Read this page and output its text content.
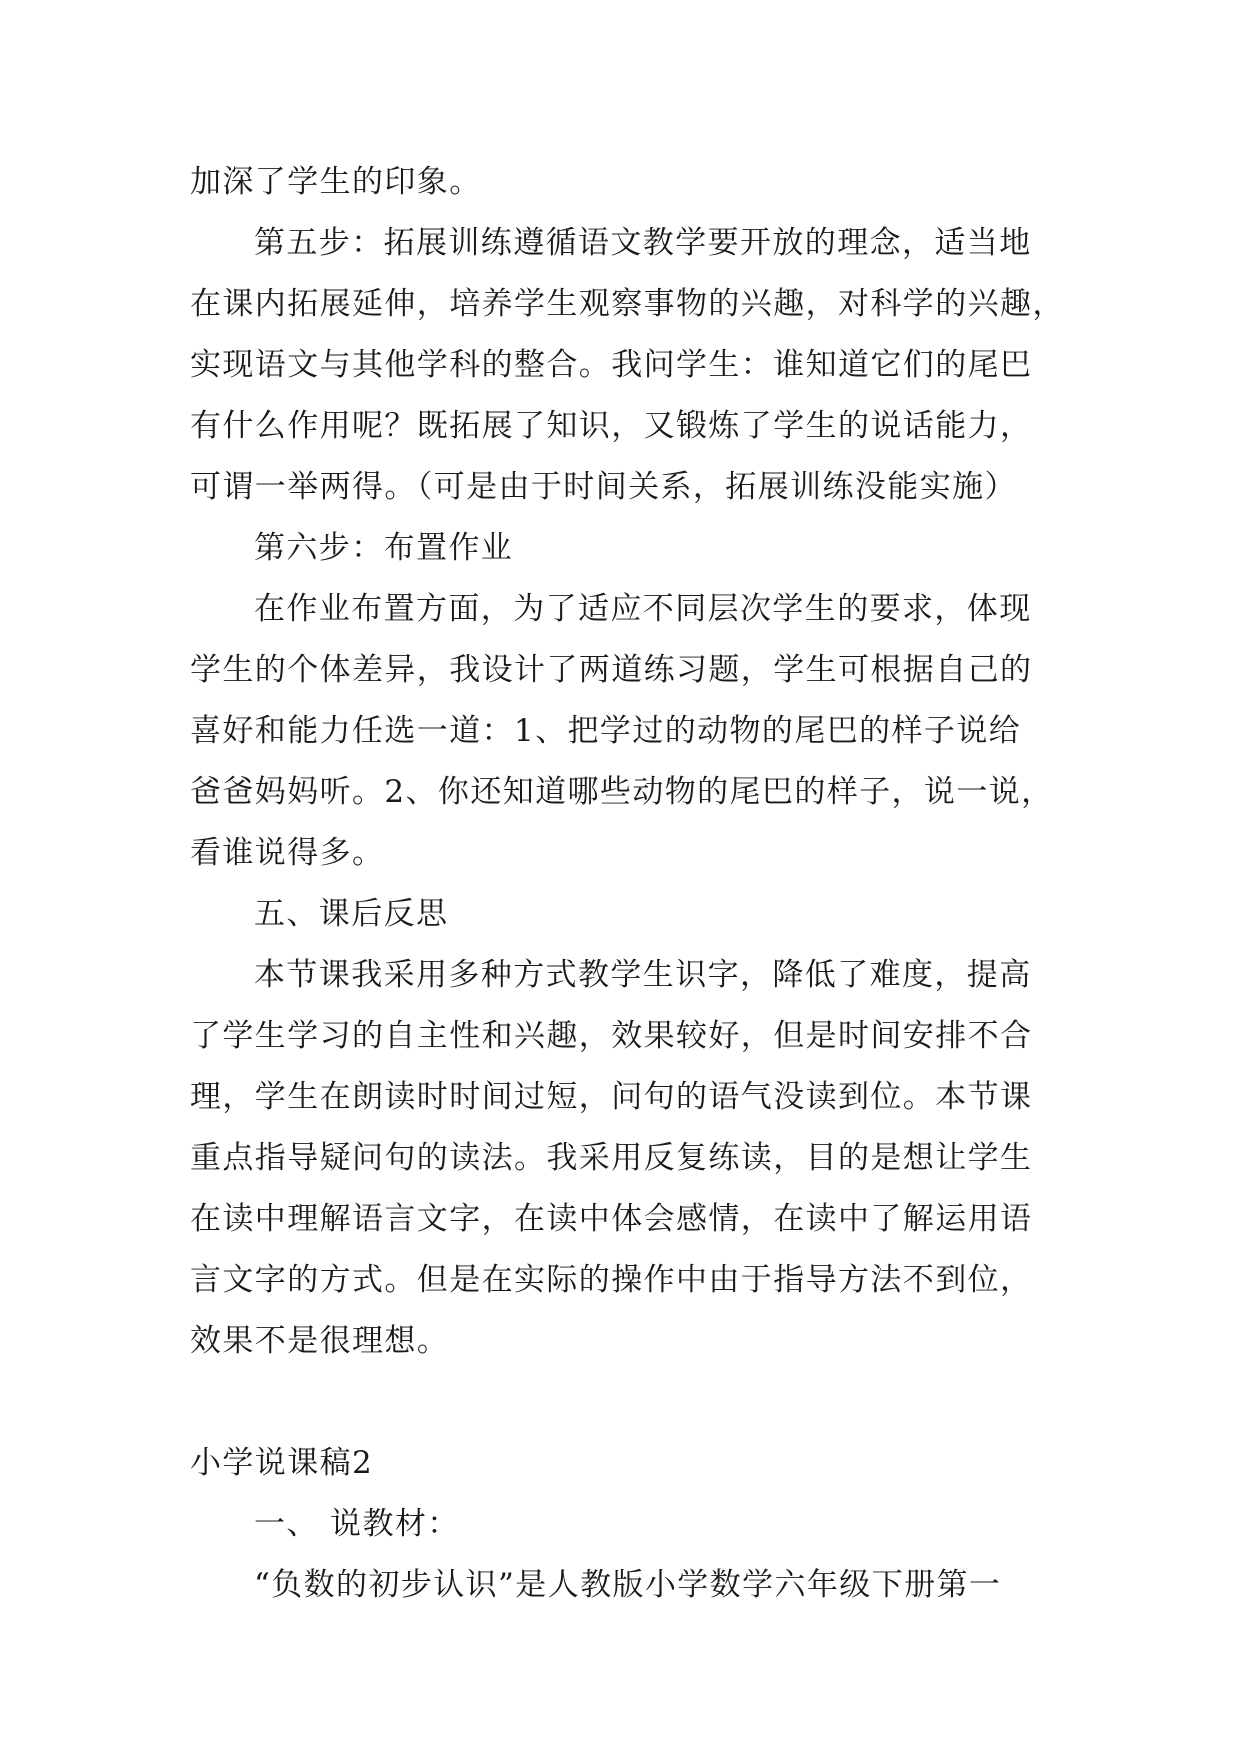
加深了学生的印象。
第五步：拓展训练遵循语文教学要开放的理念，适当地
在课内拓展延伸，培养学生观察事物的兴趣，对科学的兴趣，
实现语文与其他学科的整合。我问学生：谁知道它们的尾巴
有什么作用呢？既拓展了知识，又锻炼了学生的说话能力，
可谓一举两得。（可是由于时间关系，拓展训练没能实施）
第六步：布置作业
在作业布置方面，为了适应不同层次学生的要求，体现
学生的个体差异，我设计了两道练习题，学生可根据自己的
喜好和能力任选一道：1、把学过的动物的尾巴的样子说给
爸爸妈妈听。2、你还知道哪些动物的尾巴的样子，说一说，
看谁说得多。
五、课后反思
本节课我采用多种方式教学生识字，降低了难度，提高
了学生学习的自主性和兴趣，效果较好，但是时间安排不合
理，学生在朗读时时间过短，问句的语气没读到位。本节课
重点指导疑问句的读法。我采用反复练读，目的是想让学生
在读中理解语言文字，在读中体会感情，在读中了解运用语
言文字的方式。但是在实际的操作中由于指导方法不到位，
效果不是很理想。
小学说课稿2
一、 说教材：
“负数的初步认识”是人教版小学数学六年级下册第一
